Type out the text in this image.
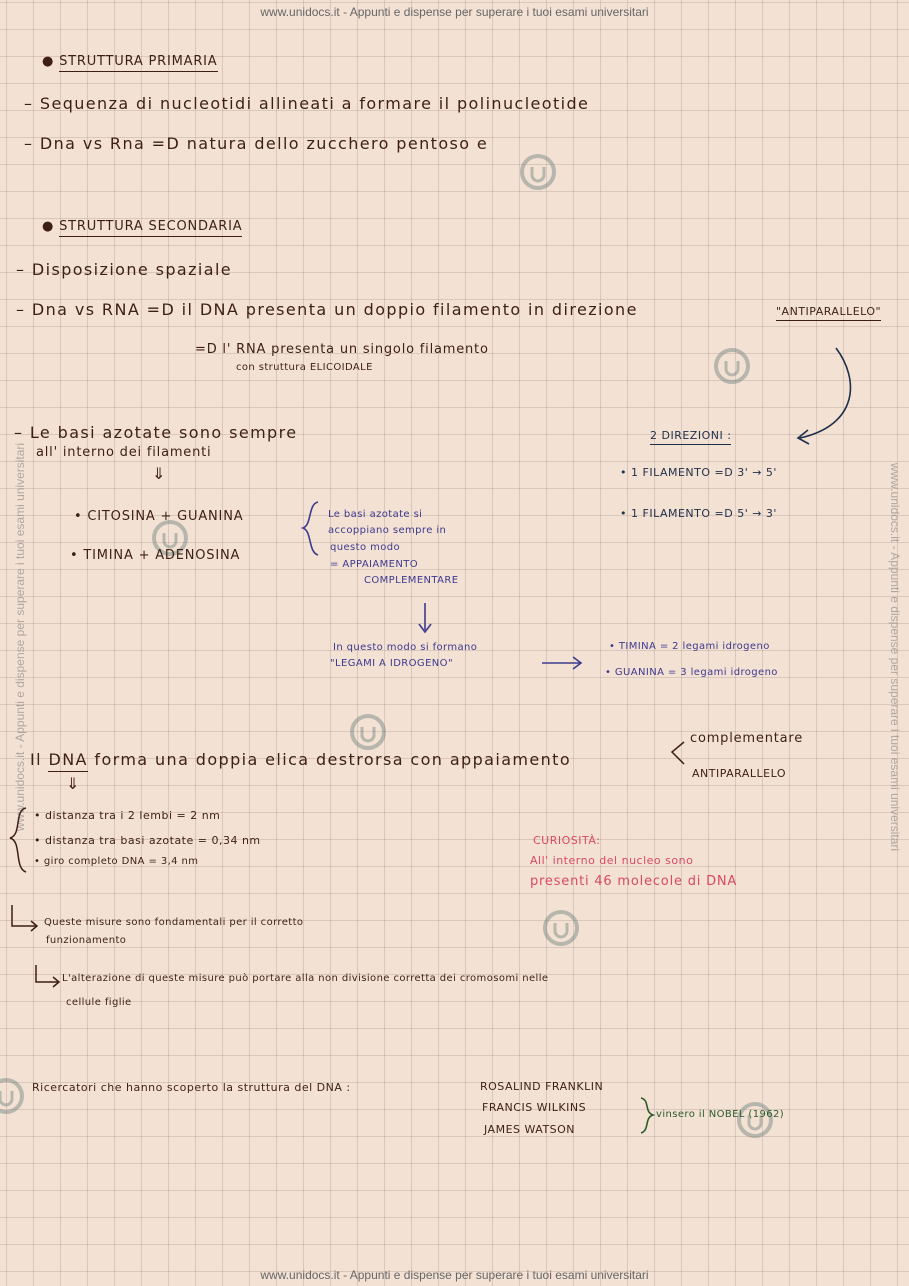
www.unidocs.it - Appunti e dispense per superare i tuoi esami universitari
www.unidocs.it - Appunti e dispense per superare i tuoi esami universitari
www.unidocs.it - Appunti e dispense per superare i tuoi esami universitari	www.unidocs.it - Appunti e dispense per superare i tuoi esami universitari
● STRUTTURA PRIMARIA
– Sequenza di nucleotidi allineati a formare il polinucleotide
– Dna vs Rna =D natura dello zucchero pentoso e
● STRUTTURA SECONDARIA
– Disposizione spaziale
– Dna vs RNA =D il DNA presenta un doppio filamento in direzione	"ANTIPARALLELO"
=D l' RNA presenta un singolo filamento
con struttura ELICOIDALE
– Le basi azotate sono sempre
all' interno dei filamenti
⇓
• CITOSINA + GUANINA
• TIMINA + ADENOSINA
Le basi azotate si
accoppiano sempre in
questo modo
= APPAIAMENTO
COMPLEMENTARE
In questo modo si formano
"LEGAMI A IDROGENO"
• TIMINA = 2 legami idrogeno
• GUANINA = 3 legami idrogeno
2 DIREZIONI :
• 1 FILAMENTO =D 3' → 5'
• 1 FILAMENTO =D 5' → 3'
Il DNA forma una doppia elica destrorsa con appaiamento
complementare
ANTIPARALLELO
⇓
• distanza tra i 2 lembi = 2 nm
• distanza tra basi azotate = 0,34 nm
• giro completo DNA = 3,4 nm
CURIOSITÀ:
All' interno del nucleo sono
presenti 46 molecole di DNA
Queste misure sono fondamentali per il corretto
funzionamento
L'alterazione di queste misure può portare alla non divisione corretta dei cromosomi nelle
cellule figlie
Ricercatori che hanno scoperto la struttura del DNA :	ROSALIND FRANKLIN
FRANCIS WILKINS
JAMES WATSON
vinsero il NOBEL (1962)
